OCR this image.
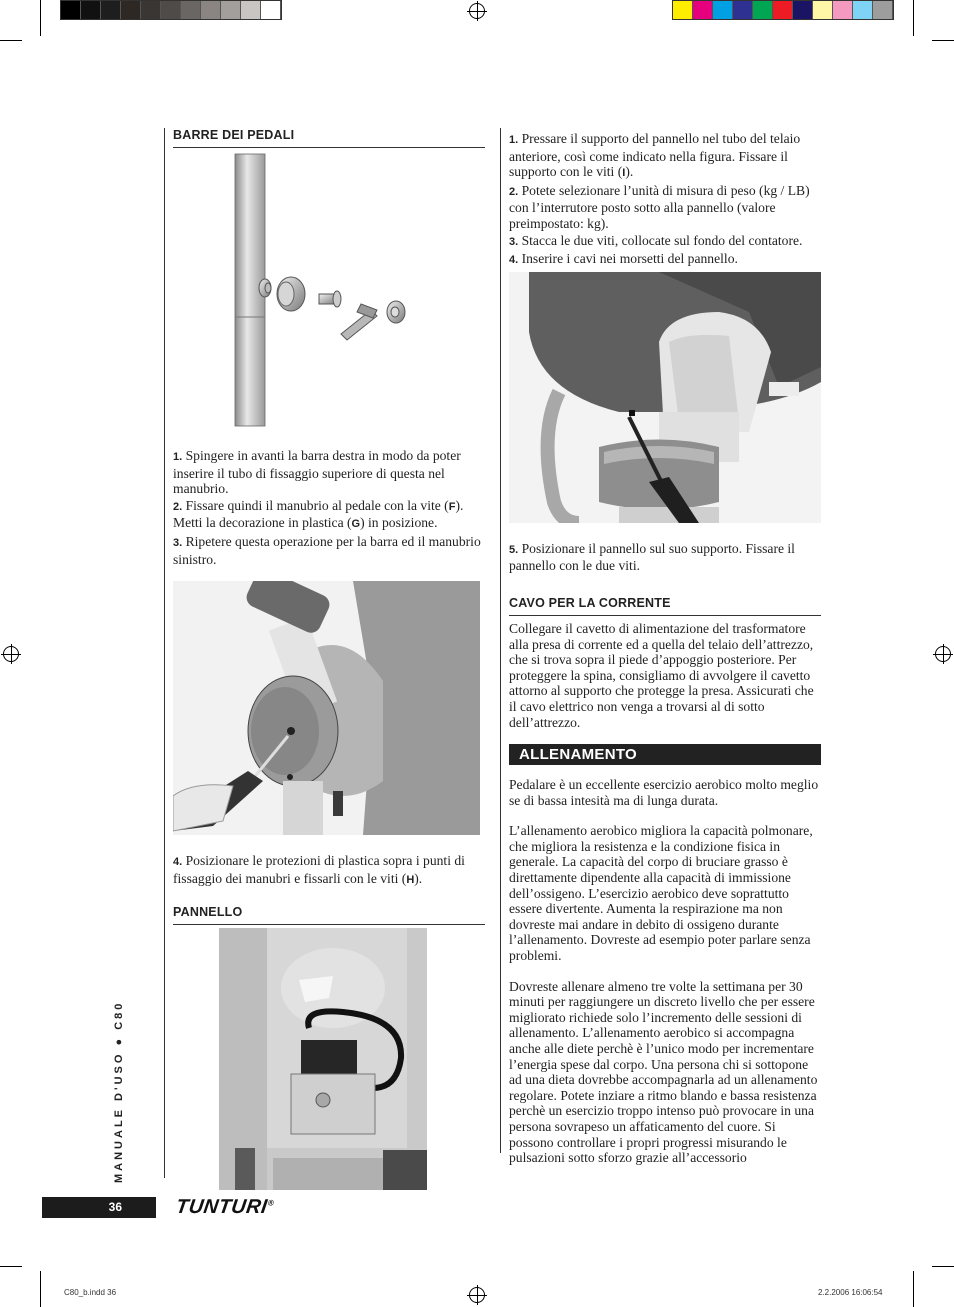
BARRE DEI PEDALI

1. Spingere in avanti la barra destra in modo da poter inserire il tubo di fissaggio superiore di questa nel manubrio.

2. Fissare quindi il manubrio al pedale con la vite (F). Metti la decorazione in plastica (G) in posizione.

3. Ripetere questa operazione per la barra ed il manubrio sinistro.

4. Posizionare le protezioni di plastica sopra i punti di fissaggio dei manubri e fissarli con le viti (H).

PANNELLO

1. Pressare il supporto del pannello nel tubo del telaio anteriore, così come indicato nella figura. Fissare il supporto con le viti (I).

2. Potete selezionare l’unità di misura di peso (kg / LB) con l’interrutore posto sotto alla pannello (valore preimpostato: kg).

3. Stacca le due viti, collocate sul fondo del contatore.

4. Inserire i cavi nei morsetti del pannello.

5. Posizionare il pannello sul suo supporto. Fissare il pannello con le due viti.

CAVO PER LA CORRENTE

Collegare il cavetto di alimentazione del trasformatore alla presa di corrente ed a quella del telaio dell’attrezzo, che si trova sopra il piede d’appoggio posteriore. Per proteggere la spina, consigliamo di avvolgere il cavetto attorno al supporto che protegge la presa. Assicurati che il cavo elettrico non venga a trovarsi al di sotto dell’attrezzo.

ALLENAMENTO

Pedalare è un eccellente esercizio aerobico molto meglio se di bassa intesità ma di lunga durata.

L’allenamento aerobico migliora la capacità polmonare, che migliora la resistenza e la condizione fisica in generale. La capacità del corpo di bruciare grasso è direttamente dipendente alla capacità di immissione dell’ossigeno. L’esercizio aerobico deve soprattutto essere divertente. Aumenta la respirazione ma non dovreste mai andare in debito di ossigeno durante l’allenamento. Dovreste ad esempio poter parlare senza problemi.

Dovreste allenare almeno tre volte la settimana per 30 minuti per raggiungere un discreto livello che per essere migliorato richiede solo l’incremento delle sessioni di allenamento. L’allenamento aerobico si accompagna anche alle diete perchè è l’unico modo per incrementare l’energia spese dal corpo. Una persona chi si sottopone ad una dieta dovrebbe accompagnarla ad un allenamento regolare. Potete inziare a ritmo blando e bassa resistenza perchè un esercizio troppo intenso può provocare in una persona sovrapeso un affaticamento del cuore. Si possono controllare i propri progressi misurando le pulsazioni sotto sforzo grazie all’accessorio

MANUALE D'USO ● C80
36	TUNTURI®
C80_b.indd 36	2.2.2006 16:06:54
